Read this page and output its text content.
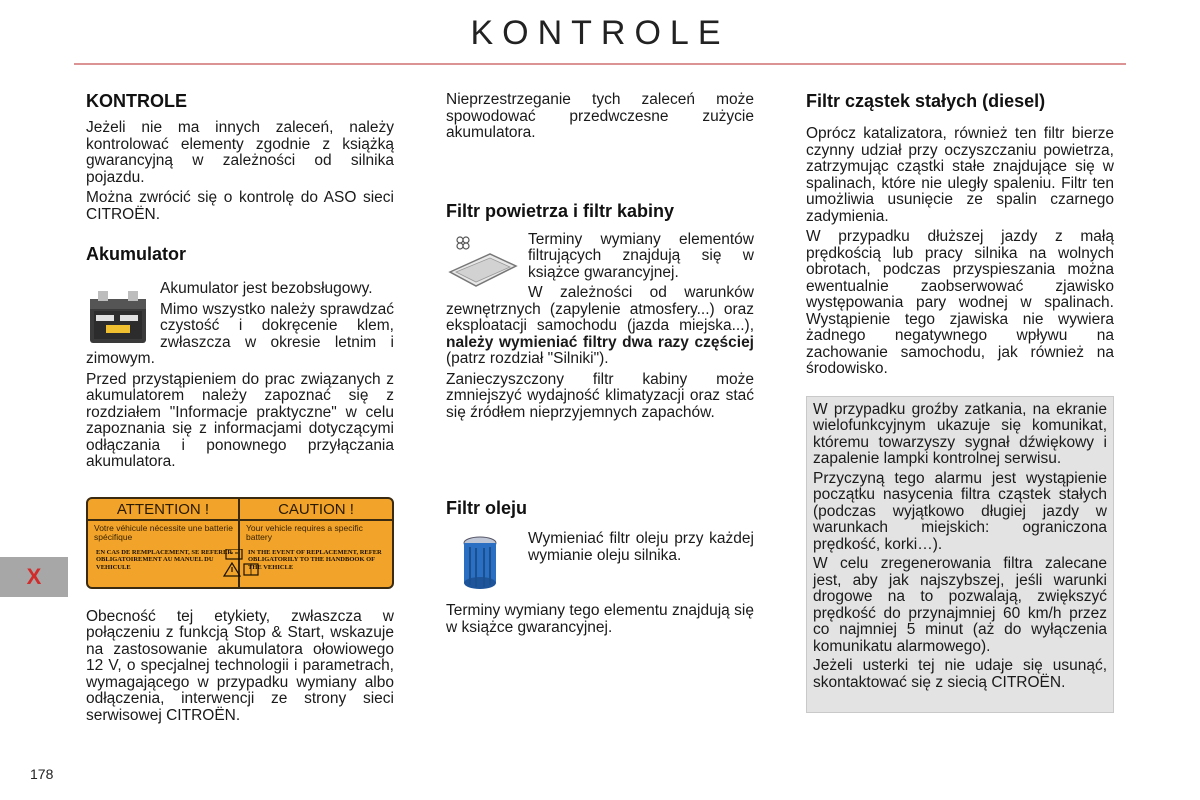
KONTROLE
X
178
KONTROLE

Jeżeli nie ma innych zaleceń, należy kontrolować elementy zgodnie z książką gwarancyjną w zależności od silnika pojazdu.

Można zwrócić się o kontrolę do ASO sieci CITROËN.

Akumulator

Akumulator jest bezobsługowy.

Mimo wszystko należy sprawdzać czystość i dokręcenie klem, zwłaszcza w okresie letnim i zimowym.

Przed przystąpieniem do prac związanych z akumulatorem należy zapoznać się z rozdziałem "Informacje praktyczne" w celu zapoznania się z informacjami dotyczącymi odłączania i ponownego przyłączania akumulatora.

ATTENTION !
Votre véhicule nécessite une batterie spécifique
EN CAS DE REMPLACEMENT, SE REFERER OBLIGATOIREMENT AU MANUEL DU VEHICULE
CAUTION !
Your vehicle requires a specific battery
IN THE EVENT OF REPLACEMENT, REFER OBLIGATORILY TO THE HANDBOOK OF THE VEHICLE

Obecność tej etykiety, zwłaszcza w połączeniu z funkcją Stop & Start, wskazuje na zastosowanie akumulatora ołowiowego 12 V, o specjalnej technologii i parametrach, wymagającego w przypadku wymiany albo odłączenia, interwencji ze strony sieci serwisowej CITROËN.

Nieprzestrzeganie tych zaleceń może spowodować przedwczesne zużycie akumulatora.

Filtr powietrza i filtr kabiny

Terminy wymiany elementów filtrujących znajdują się w książce gwarancyjnej.

W zależności od warunków zewnętrznych (zapylenie atmosfery...) oraz eksploatacji samochodu (jazda miejska...), należy wymieniać filtry dwa razy częściej (patrz rozdział "Silniki").

Zanieczyszczony filtr kabiny może zmniejszyć wydajność klimatyzacji oraz stać się źródłem nieprzyjemnych zapachów.

Filtr oleju

Wymieniać filtr oleju przy każdej wymianie oleju silnika.

Terminy wymiany tego elementu znajdują się w książce gwarancyjnej.

Filtr cząstek stałych (diesel)

Oprócz katalizatora, również ten filtr bierze czynny udział przy oczyszczaniu powietrza, zatrzymując cząstki stałe znajdujące się w spalinach, które nie uległy spaleniu. Filtr ten umożliwia usunięcie ze spalin czarnego zadymienia.

W przypadku dłuższej jazdy z małą prędkością lub pracy silnika na wolnych obrotach, podczas przyspieszania można ewentualnie zaobserwować zjawisko występowania pary wodnej w spalinach. Wystąpienie tego zjawiska nie wywiera żadnego negatywnego wpływu na zachowanie samochodu, jak również na środowisko.

W przypadku groźby zatkania, na ekranie wielofunkcyjnym ukazuje się komunikat, któremu towarzyszy sygnał dźwiękowy i zapalenie lampki kontrolnej serwisu.

Przyczyną tego alarmu jest wystąpienie początku nasycenia filtra cząstek stałych (podczas wyjątkowo długiej jazdy w warunkach miejskich: ograniczona prędkość, korki…).

W celu zregenerowania filtra zalecane jest, aby jak najszybszej, jeśli warunki drogowe na to pozwalają, zwiększyć prędkość do przynajmniej 60 km/h przez co najmniej 5 minut (aż do wyłączenia komunikatu alarmowego).

Jeżeli usterki tej nie udaje się usunąć, skontaktować się z siecią CITROËN.
